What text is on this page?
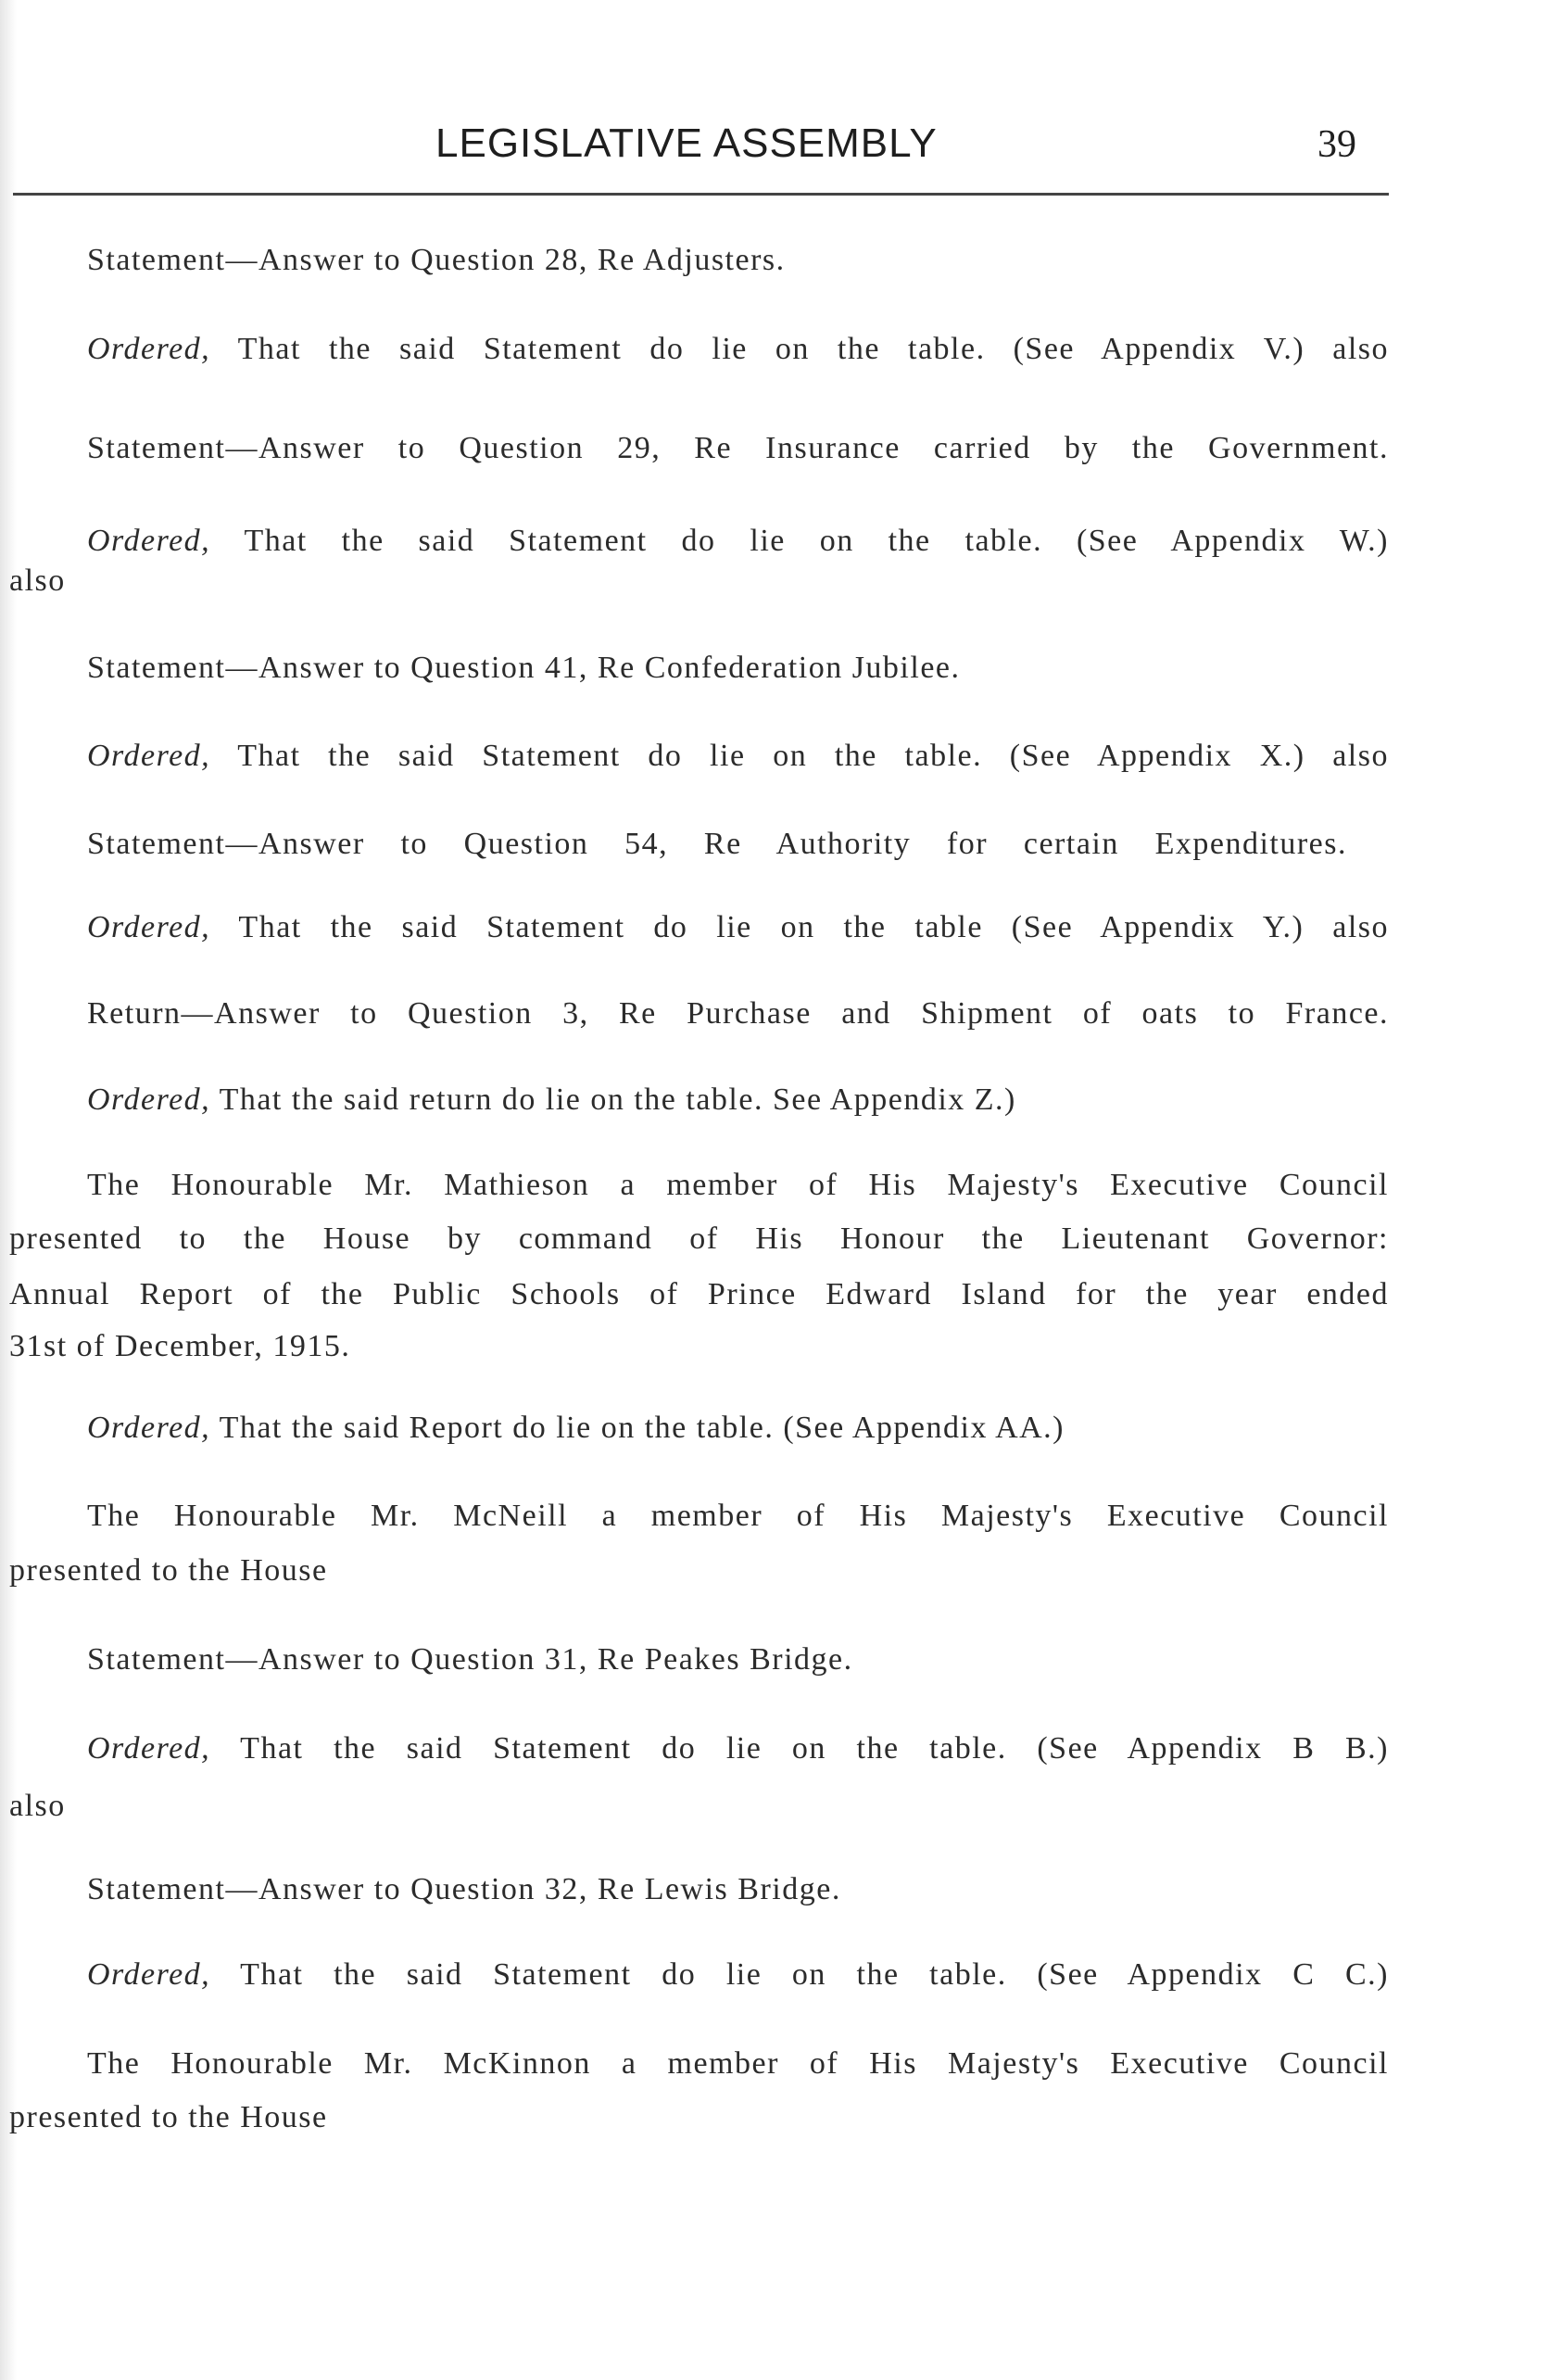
LEGISLATIVE ASSEMBLY	39
Statement—Answer to Question 28, Re Adjusters.
Ordered, That the said Statement do lie on the table. (See Appendix V.) also
Statement—Answer to Question 29, Re Insurance carried by the Government.
Ordered, That the said Statement do lie on the table. (See Appendix W.)
also
Statement—Answer to Question 41, Re Confederation Jubilee.
Ordered, That the said Statement do lie on the table. (See Appendix X.) also
Statement—Answer to Question 54, Re Authority for certain Expenditures.
Ordered, That the said Statement do lie on the table (See Appendix Y.) also
Return—Answer to Question 3, Re Purchase and Shipment of oats to France.
Ordered, That the said return do lie on the table. See Appendix Z.)
The Honourable Mr. Mathieson a member of His Majesty's Executive Council
presented to the House by command of His Honour the Lieutenant Governor:
Annual Report of the Public Schools of Prince Edward Island for the year ended
31st of December, 1915.
Ordered, That the said Report do lie on the table. (See Appendix AA.)
The Honourable Mr. McNeill a member of His Majesty's Executive Council
presented to the House
Statement—Answer to Question 31, Re Peakes Bridge.
Ordered, That the said Statement do lie on the table. (See Appendix B B.)
also
Statement—Answer to Question 32, Re Lewis Bridge.
Ordered, That the said Statement do lie on the table. (See Appendix C C.)
The Honourable Mr. McKinnon a member of His Majesty's Executive Council
presented to the House
